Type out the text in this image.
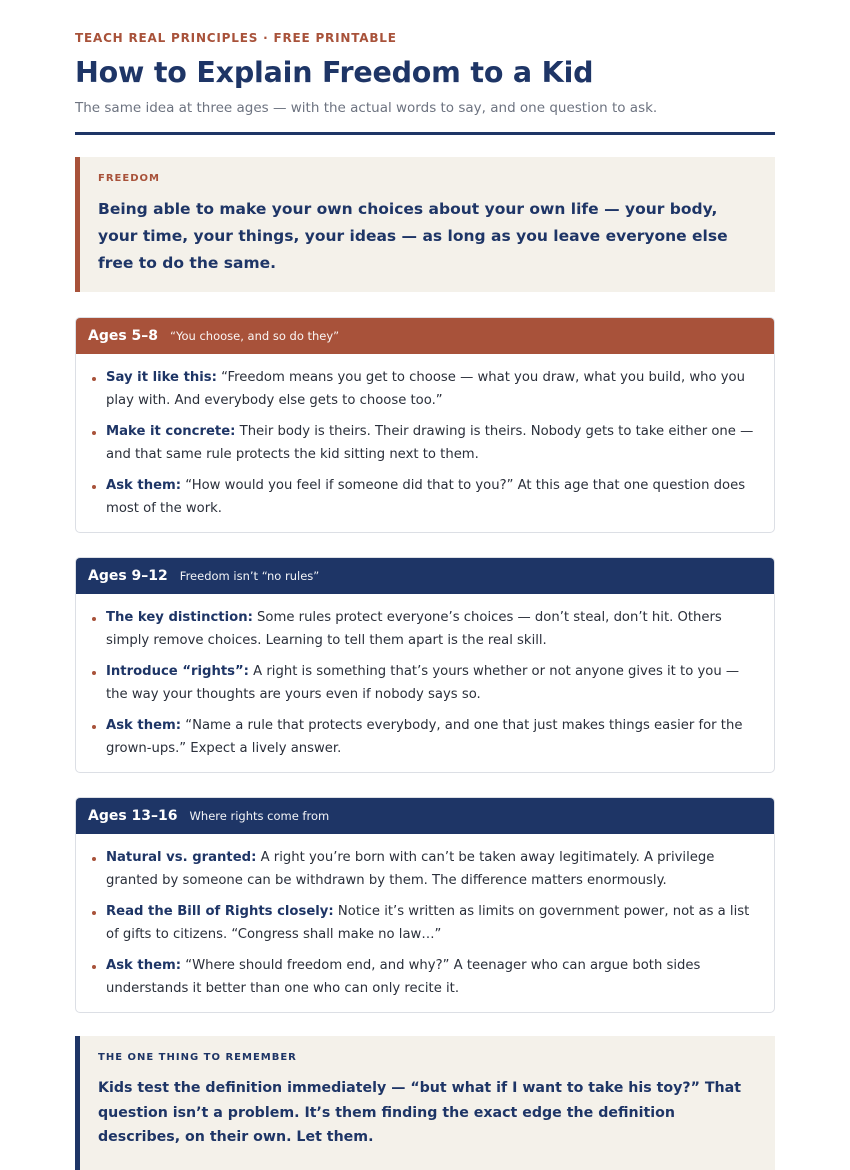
TEACH REAL PRINCIPLES · FREE PRINTABLE
How to Explain Freedom to a Kid
The same idea at three ages — with the actual words to say, and one question to ask.
FREEDOM
Being able to make your own choices about your own life — your body, your time, your things, your ideas — as long as you leave everyone else free to do the same.
Ages 5–8 “You choose, and so do they”
Say it like this: “Freedom means you get to choose — what you draw, what you build, who you play with. And everybody else gets to choose too.”
Make it concrete: Their body is theirs. Their drawing is theirs. Nobody gets to take either one — and that same rule protects the kid sitting next to them.
Ask them: “How would you feel if someone did that to you?” At this age that one question does most of the work.
Ages 9–12 Freedom isn’t “no rules”
The key distinction: Some rules protect everyone’s choices — don’t steal, don’t hit. Others simply remove choices. Learning to tell them apart is the real skill.
Introduce “rights”: A right is something that’s yours whether or not anyone gives it to you — the way your thoughts are yours even if nobody says so.
Ask them: “Name a rule that protects everybody, and one that just makes things easier for the grown-ups.” Expect a lively answer.
Ages 13–16 Where rights come from
Natural vs. granted: A right you’re born with can’t be taken away legitimately. A privilege granted by someone can be withdrawn by them. The difference matters enormously.
Read the Bill of Rights closely: Notice it’s written as limits on government power, not as a list of gifts to citizens. “Congress shall make no law…”
Ask them: “Where should freedom end, and why?” A teenager who can argue both sides understands it better than one who can only recite it.
THE ONE THING TO REMEMBER
Kids test the definition immediately — “but what if I want to take his toy?” That question isn’t a problem. It’s them finding the exact edge the definition describes, on their own. Let them.
